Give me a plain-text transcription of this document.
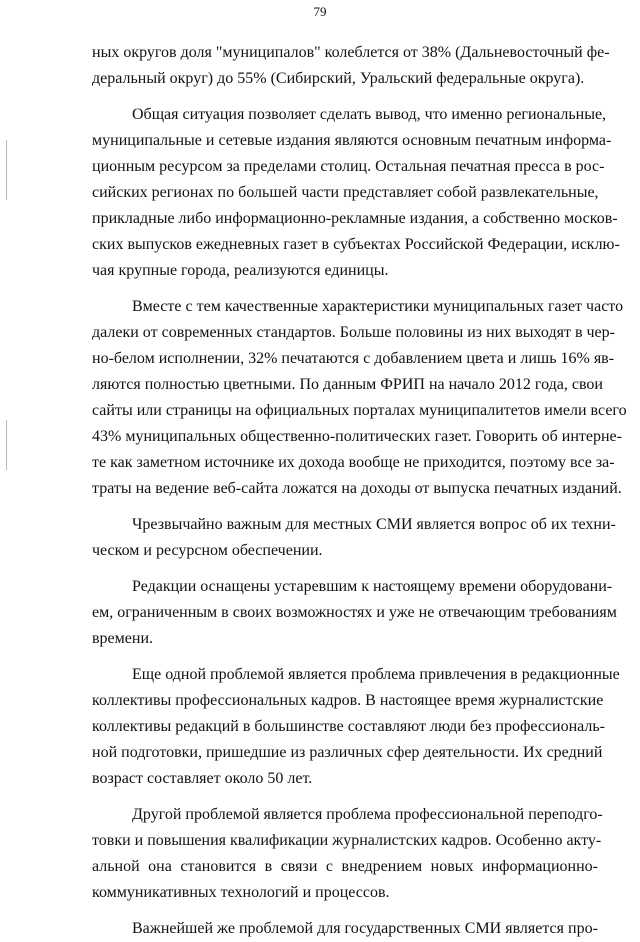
79
ных округов доля "муниципалов" колеблется от 38% (Дальневосточный фе-
деральный округ) до 55% (Сибирский, Уральский федеральные округа).
Общая ситуация позволяет сделать вывод, что именно региональные,
муниципальные и сетевые издания являются основным печатным информа-
ционным ресурсом за пределами столиц. Остальная печатная пресса в рос-
сийских регионах по большей части представляет собой развлекательные,
прикладные либо информационно-рекламные издания, а собственно москов-
ских выпусков ежедневных газет в субъектах Российской Федерации, исклю-
чая крупные города, реализуются единицы.
Вместе с тем качественные характеристики муниципальных газет часто
далеки от современных стандартов. Больше половины из них выходят в чер-
но-белом исполнении, 32% печатаются с добавлением цвета и лишь 16% яв-
ляются полностью цветными. По данным ФРИП на начало 2012 года, свои
сайты или страницы на официальных порталах муниципалитетов имели всего
43% муниципальных общественно-политических газет. Говорить об интерне-
те как заметном источнике их дохода вообще не приходится, поэтому все за-
траты на ведение веб-сайта ложатся на доходы от выпуска печатных изданий.
Чрезвычайно важным для местных СМИ является вопрос об их техни-
ческом и ресурсном обеспечении.
Редакции оснащены устаревшим к настоящему времени оборудовани-
ем, ограниченным в своих возможностях и уже не отвечающим требованиям
времени.
Еще одной проблемой является проблема привлечения в редакционные
коллективы профессиональных кадров. В настоящее время журналистские
коллективы редакций в большинстве составляют люди без профессиональ-
ной подготовки, пришедшие из различных сфер деятельности. Их средний
возраст составляет около 50 лет.
Другой проблемой является проблема профессиональной переподго-
товки и повышения квалификации журналистских кадров. Особенно акту-
альной она становится в связи с внедрением новых информационно-
коммуникативных технологий и процессов.
Важнейшей же проблемой для государственных СМИ является про-
